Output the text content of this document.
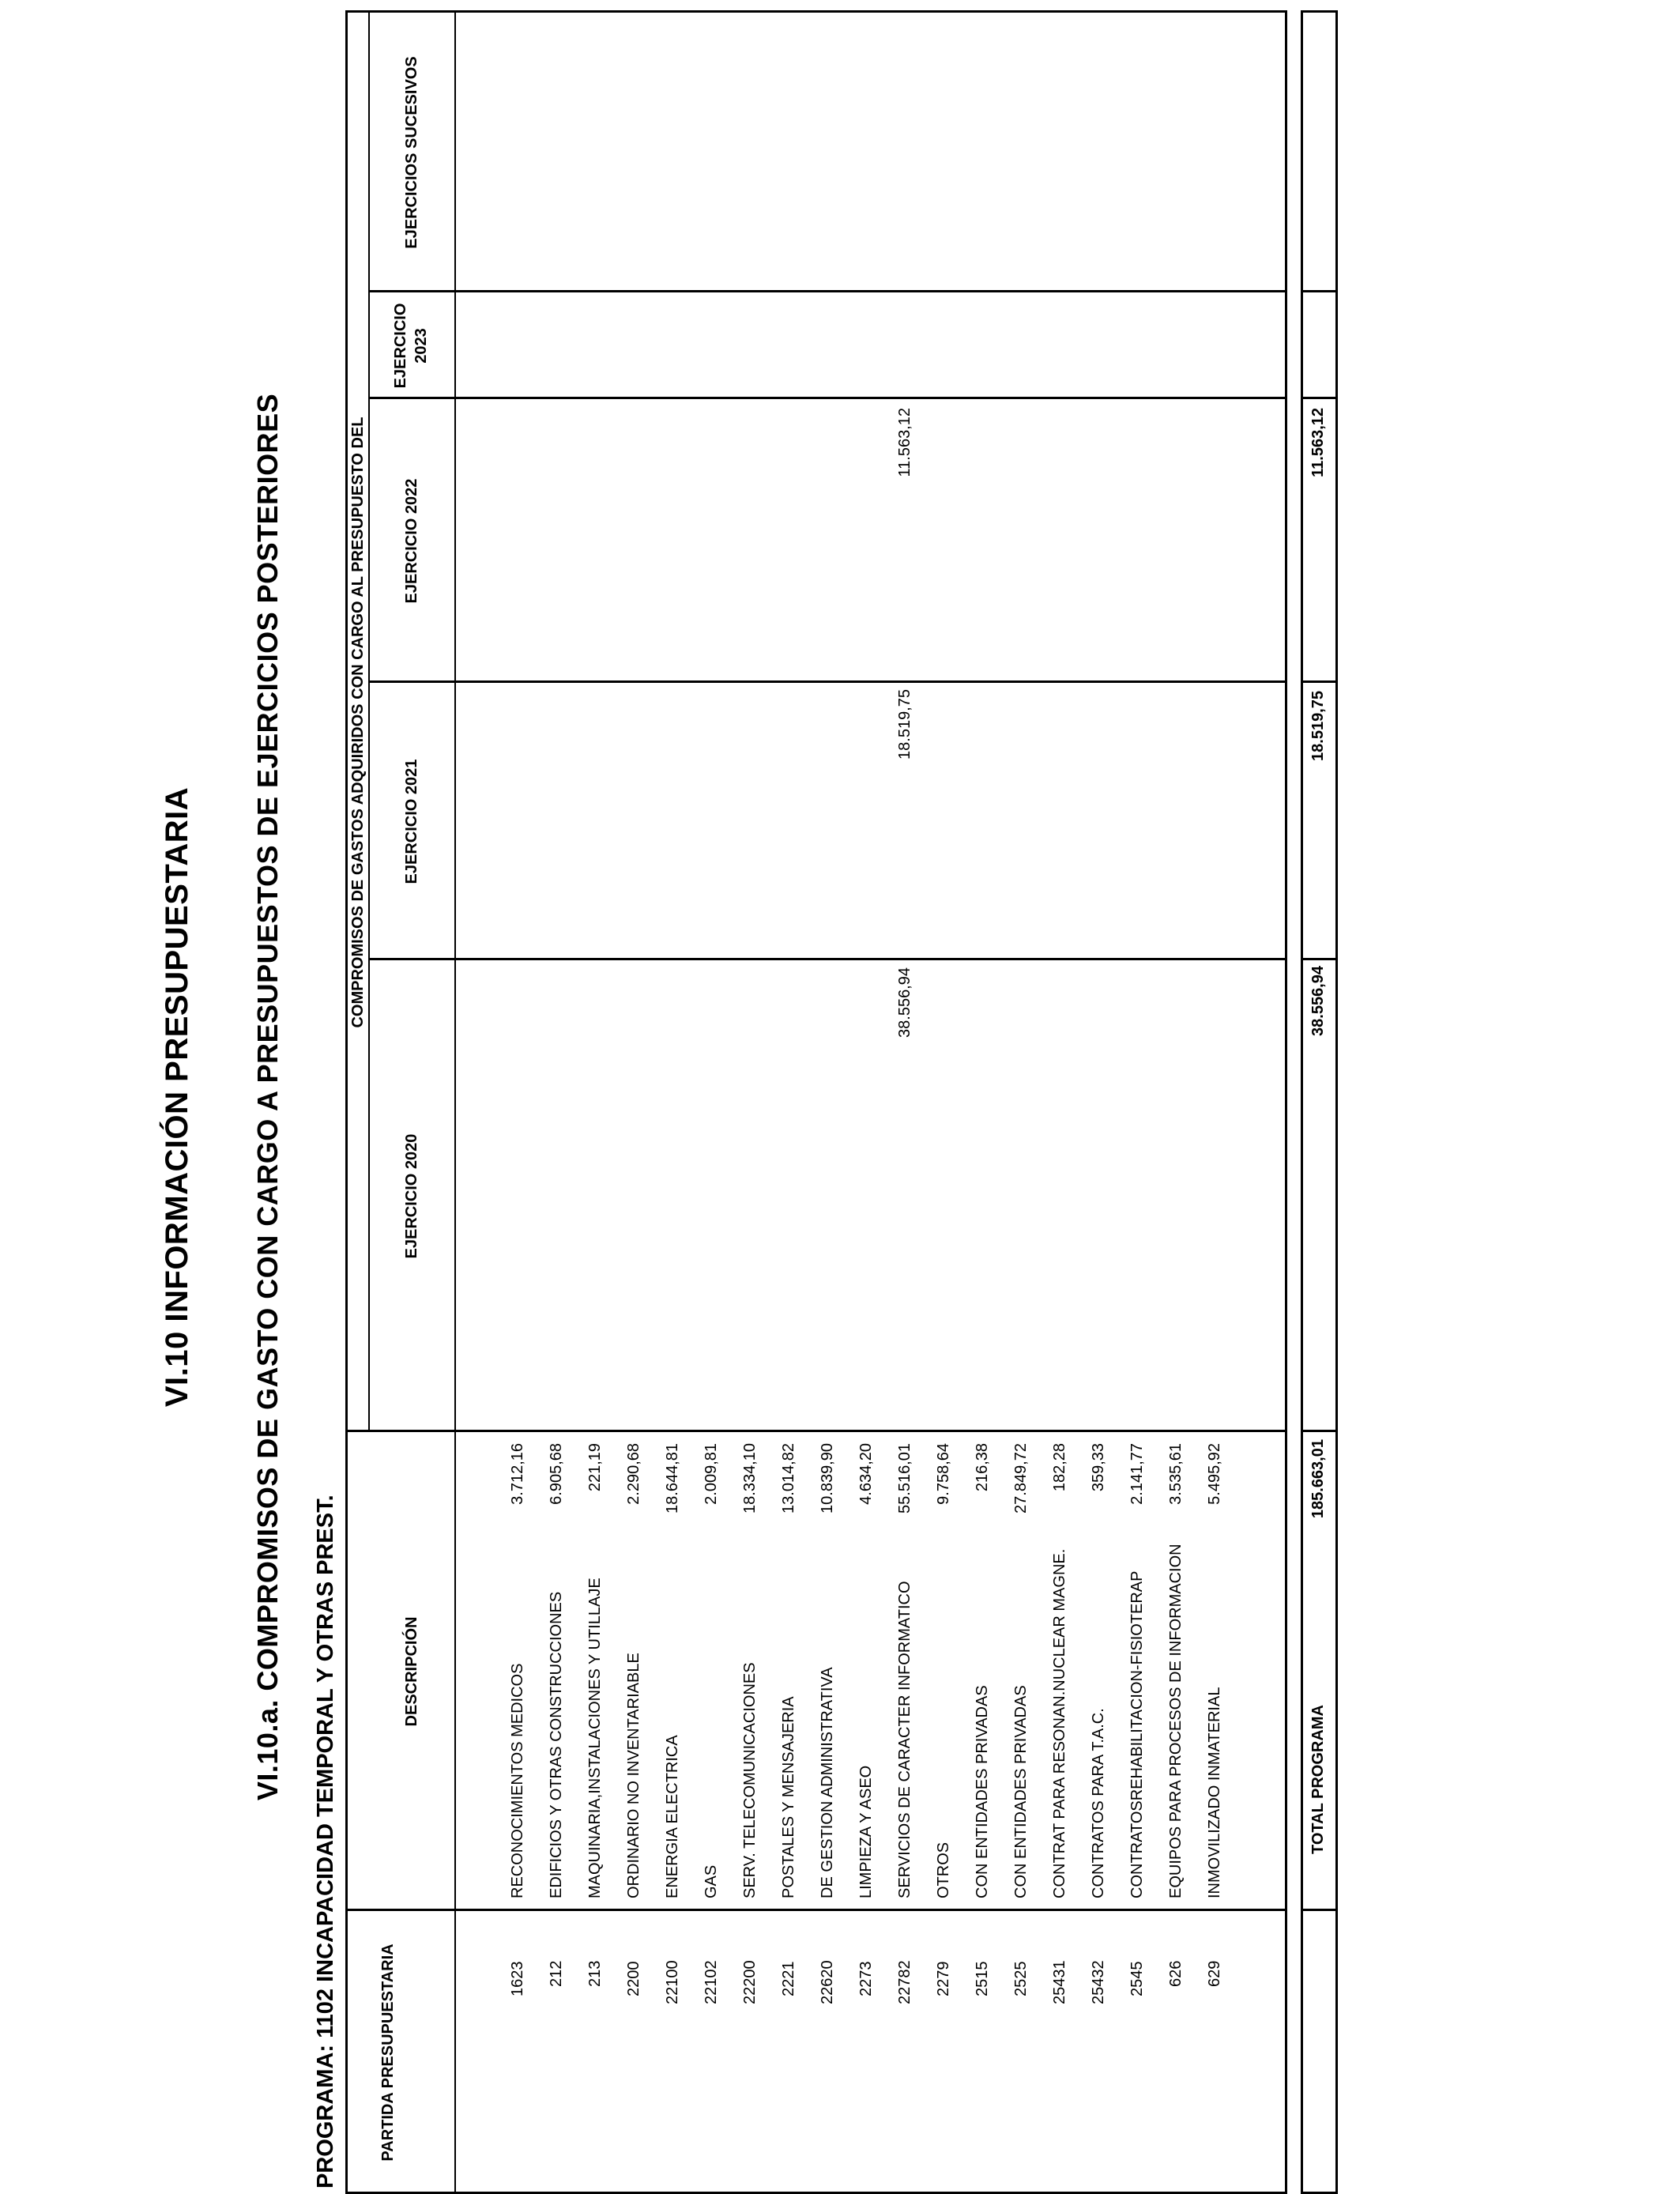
VI.10 INFORMACIÓN PRESUPUESTARIA VI.10.a. COMPROMISOS DE GASTO CON CARGO A PRESUPUESTOS DE EJERCICIOS POSTERIORES
PROGRAMA: 1102 INCAPACIDAD TEMPORAL Y OTRAS PREST.	PARTIDA PRESUPUESTARIA
DESCRIPCIÓN
COMPROMISOS DE GASTOS ADQUIRIDOS CON CARGO AL PRESUPUESTO DEL
EJERCICIO 2020
EJERCICIO 2021
EJERCICIO 2022
EJERCICIO 2023
EJERCICIOS SUCESIVOS
1623
RECONOCIMIENTOS MEDICOS
3.712,16
212
EDIFICIOS Y OTRAS CONSTRUCCIONES
6.905,68
213
MAQUINARIA,INSTALACIONES Y UTILLAJE
221,19
2200
ORDINARIO NO INVENTARIABLE
2.290,68
22100
ENERGIA ELECTRICA
18.644,81
22102
GAS
2.009,81
22200
SERV. TELECOMUNICACIONES
18.334,10
2221
POSTALES Y MENSAJERIA
13.014,82
22620
DE GESTION ADMINISTRATIVA
10.839,90
2273
LIMPIEZA Y ASEO
4.634,20
22782
SERVICIOS DE CARACTER INFORMATICO
55.516,01
38.556,94
18.519,75
11.563,12
2279
OTROS
9.758,64
2515
CON ENTIDADES PRIVADAS
216,38
2525
CON ENTIDADES PRIVADAS
27.849,72
25431
CONTRAT PARA RESONAN.NUCLEAR MAGNE.
182,28
25432
CONTRATOS PARA T.A.C.
359,33
2545
CONTRATOSREHABILITACION-FISIOTERAP
2.141,77
626
EQUIPOS PARA PROCESOS DE INFORMACION
3.535,61
629
INMOVILIZADO INMATERIAL
5.495,92
TOTAL PROGRAMA
185.663,01
38.556,94
18.519,75
11.563,12
